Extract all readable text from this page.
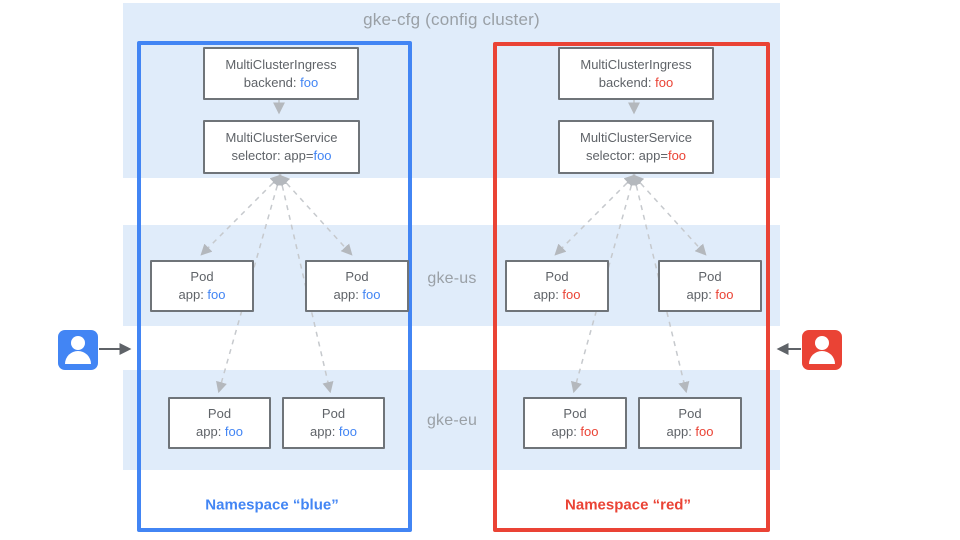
gke-cfg (config cluster)
gke-us
gke-eu
MultiClusterIngress
backend: foo
MultiClusterService
selector: app=foo
Pod
app: foo
Pod
app: foo
Pod
app: foo
Pod
app: foo
Namespace “blue”
MultiClusterIngress
backend: foo
MultiClusterService
selector: app=foo
Pod
app: foo
Pod
app: foo
Pod
app: foo
Pod
app: foo
Namespace “red”
